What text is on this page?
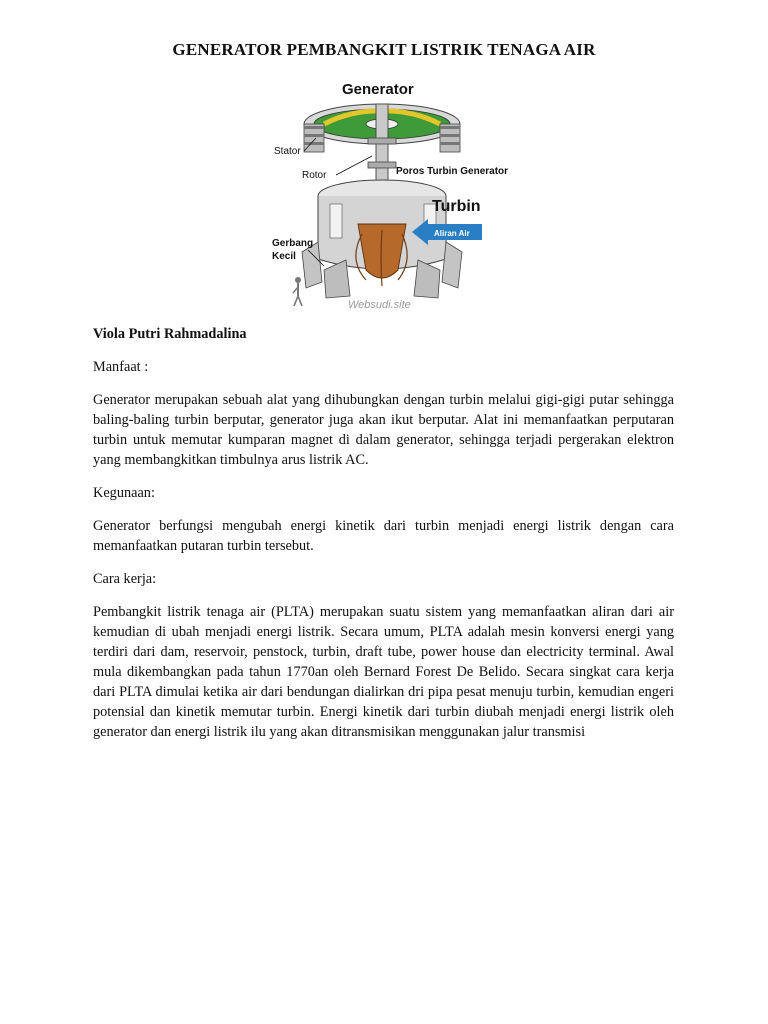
GENERATOR PEMBANGKIT LISTRIK TENAGA AIR
Generator
Stator
Rotor	Poros Turbin Generator
Turbin
Aliran Air
Gerbang
Kecil
Websudi.site

Viola Putri Rahmadalina

Manfaat :

Generator merupakan sebuah alat yang dihubungkan dengan turbin melalui gigi-gigi putar sehingga baling-baling turbin berputar, generator juga akan ikut berputar. Alat ini memanfaatkan perputaran turbin untuk memutar kumparan magnet di dalam generator, sehingga terjadi pergerakan elektron yang membangkitkan timbulnya arus listrik AC.

Kegunaan:

Generator berfungsi mengubah energi kinetik dari turbin menjadi energi listrik dengan cara memanfaatkan putaran turbin tersebut.

Cara kerja:

Pembangkit listrik tenaga air (PLTA) merupakan suatu sistem yang memanfaatkan aliran dari air kemudian di ubah menjadi energi listrik. Secara umum, PLTA adalah mesin konversi energi yang terdiri dari dam, reservoir, penstock, turbin, draft tube, power house dan electricity terminal. Awal mula dikembangkan pada tahun 1770an oleh Bernard Forest De Belido. Secara singkat cara kerja dari PLTA dimulai ketika air dari bendungan dialirkan dri pipa pesat menuju turbin, kemudian engeri potensial dan kinetik memutar turbin. Energi kinetik dari turbin diubah menjadi energi listrik oleh generator dan energi listrik ilu yang akan ditransmisikan menggunakan jalur transmisi
